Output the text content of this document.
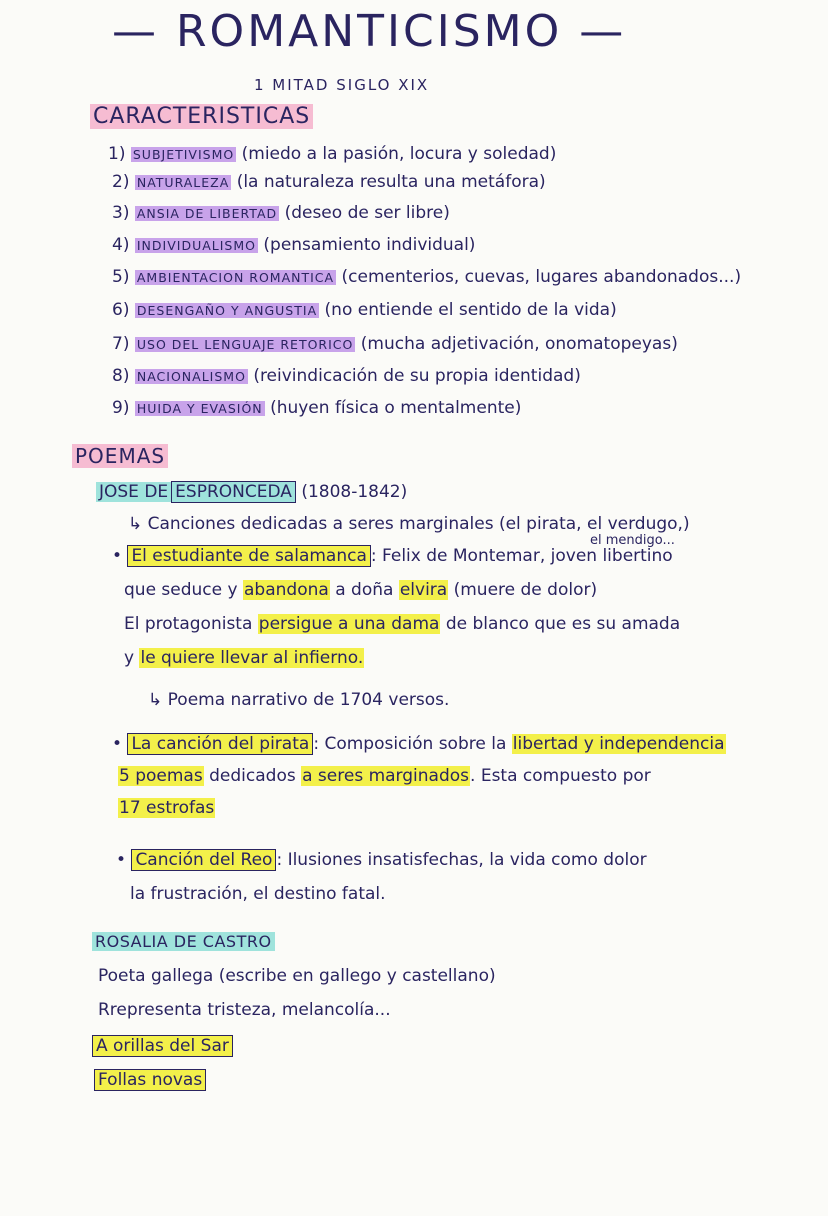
— ROMANTICISMO —
1 MITAD SIGLO XIX
CARACTERISTICAS
1) SUBJETIVISMO (miedo a la pasión, locura y soledad)
2) NATURALEZA (la naturaleza resulta una metáfora)
3) ANSIA DE LIBERTAD (deseo de ser libre)
4) INDIVIDUALISMO (pensamiento individual)
5) AMBIENTACION ROMANTICA (cementerios, cuevas, lugares abandonados...)
6) DESENGAÑO Y ANGUSTIA (no entiende el sentido de la vida)
7) USO DEL LENGUAJE RETORICO (mucha adjetivación, onomatopeyas)
8) NACIONALISMO (reivindicación de su propia identidad)
9) HUIDA Y EVASIÓN (huyen física o mentalmente)
POEMAS
JOSE DE ESPRONCEDA (1808-1842)
↳ Canciones dedicadas a seres marginales (el pirata, el verdugo,)
el mendigo...
• El estudiante de salamanca : Felix de Montemar, joven libertino
que seduce y abandona a doña elvira (muere de dolor)
El protagonista persigue a una dama de blanco que es su amada
y le quiere llevar al infierno.
↳ Poema narrativo de 1704 versos.
• La canción del pirata : Composición sobre la libertad y independencia
5 poemas dedicados a seres marginados. Esta compuesto por
17 estrofas
• Canción del Reo : Ilusiones insatisfechas, la vida como dolor
la frustración, el destino fatal.
ROSALIA DE CASTRO
Poeta gallega (escribe en gallego y castellano)
Rrepresenta tristeza, melancolía...
A orillas del Sar
Follas novas
